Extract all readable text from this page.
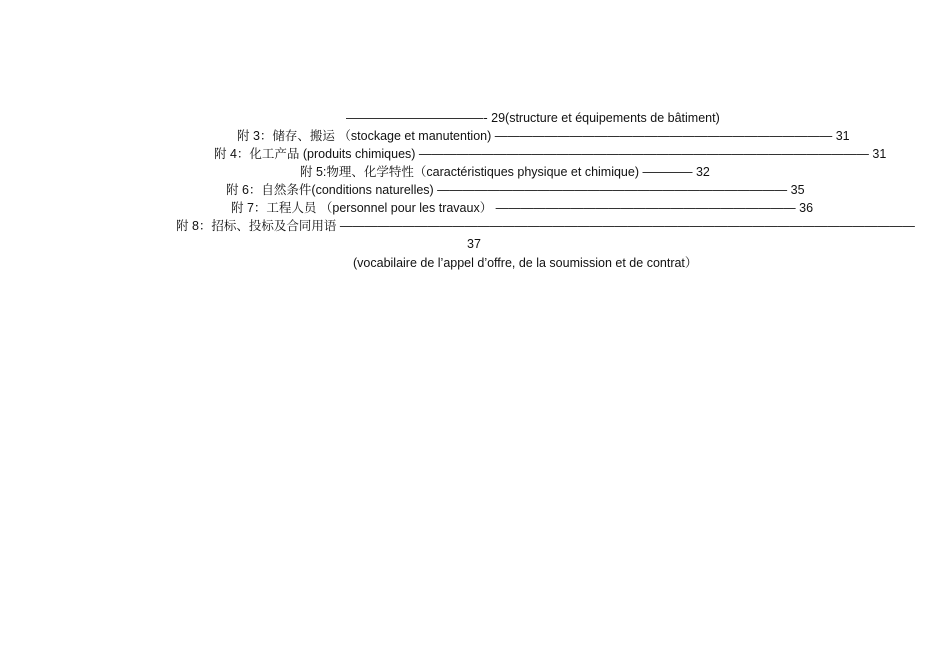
———————————- 29(structure et équipements de bâtiment)
附 3：储存、搬运 （stockage et manutention) ——————————————————————————— 31
附 4：化工产品 (produits chimiques) ———————————————————————————————————— 31
附 5:物理、化学特性（caractéristiques physique et chimique) ———— 32
附 6：自然条件(conditions naturelles) ———————————————————————————— 35
附 7：工程人员 （personnel pour les travaux） ———————————————————————— 36
附 8：招标、投标及合同用语 ——————————————————————————————————————————————
37
(vocabilaire de l’appel d’offre, de la soumission et de contrat）
